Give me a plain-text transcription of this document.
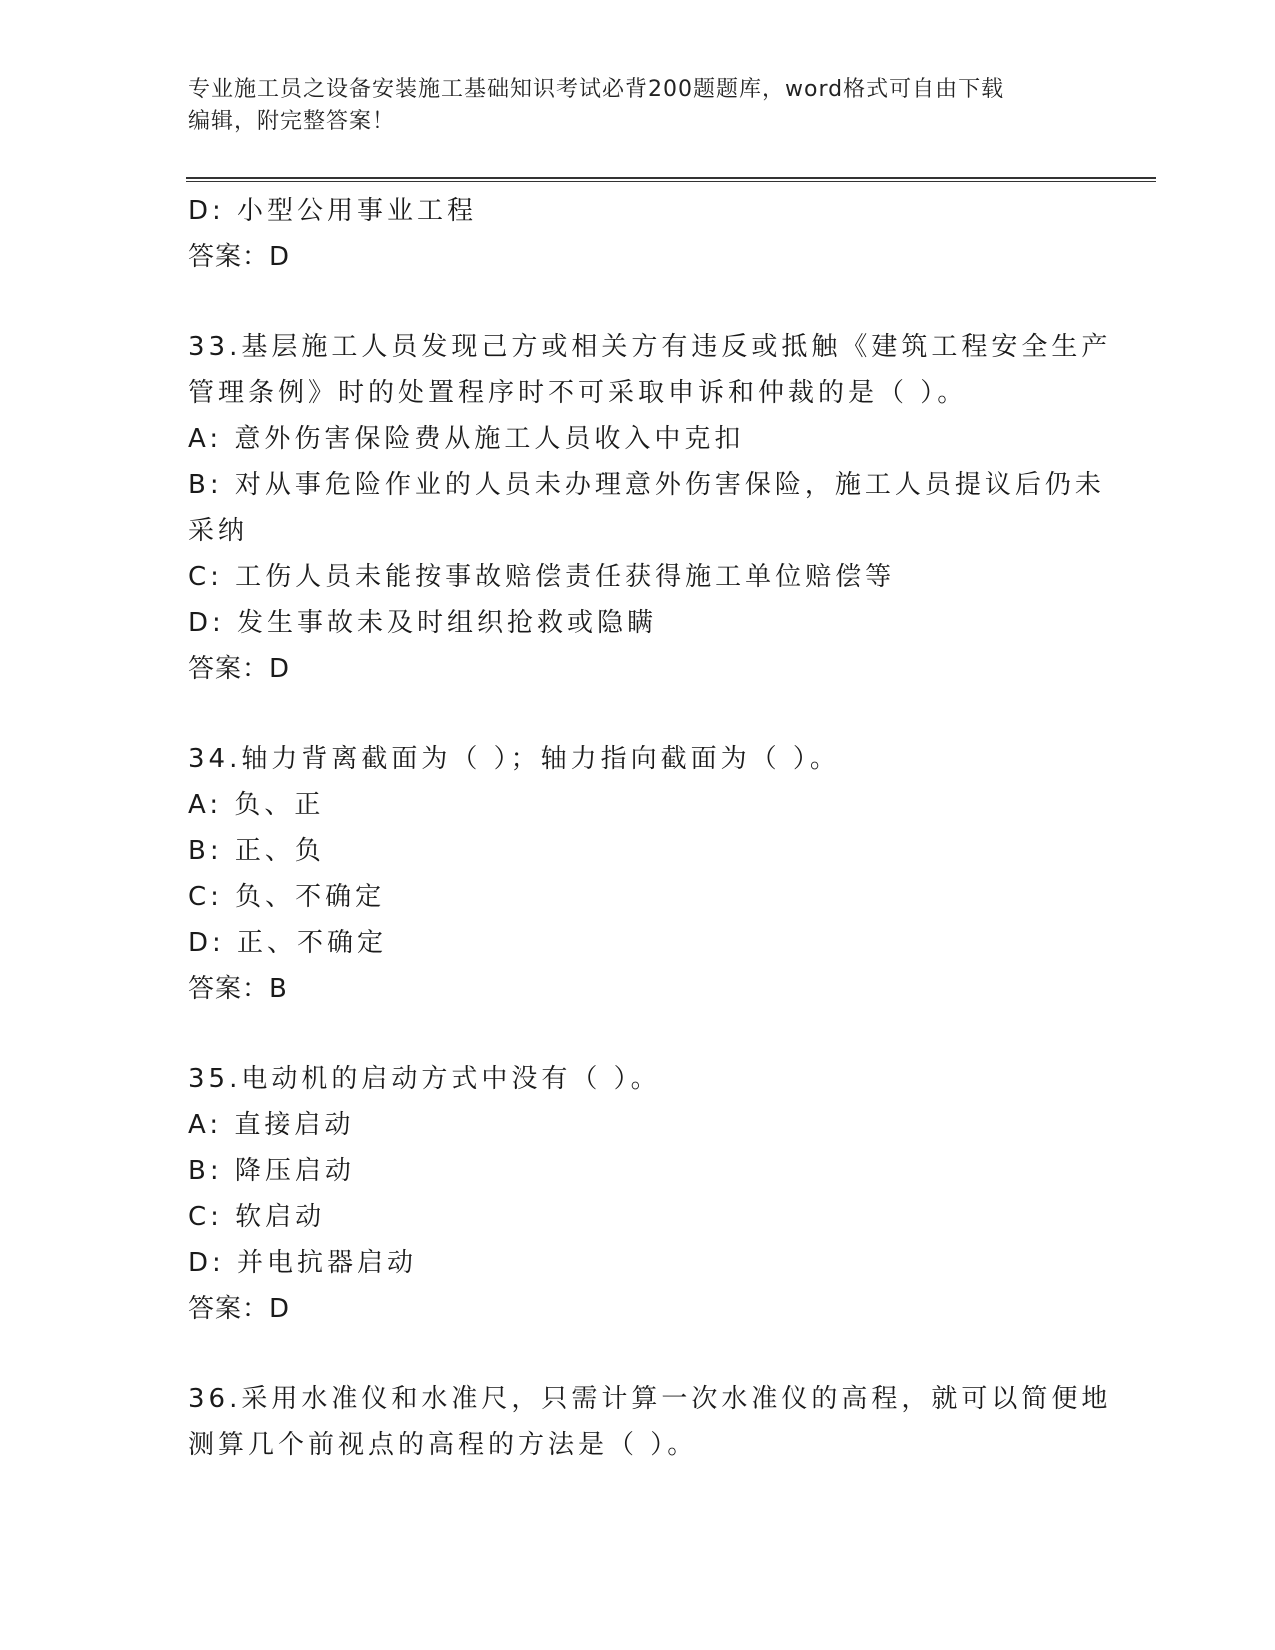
专业施工员之设备安装施工基础知识考试必背200题题库，word格式可自由下载
编辑，附完整答案！
D: 小型公用事业工程
答案：D
33.基层施工人员发现己方或相关方有违反或抵触《建筑工程安全生产
管理条例》时的处置程序时不可采取申诉和仲裁的是（ ）。
A: 意外伤害保险费从施工人员收入中克扣
B: 对从事危险作业的人员未办理意外伤害保险，施工人员提议后仍未
采纳
C: 工伤人员未能按事故赔偿责任获得施工单位赔偿等
D: 发生事故未及时组织抢救或隐瞒
答案：D
34.轴力背离截面为（ ）；轴力指向截面为（ ）。
A: 负、正
B: 正、负
C: 负、不确定
D: 正、不确定
答案：B
35.电动机的启动方式中没有（ ）。
A: 直接启动
B: 降压启动
C: 软启动
D: 并电抗器启动
答案：D
36.采用水准仪和水准尺，只需计算一次水准仪的高程，就可以简便地
测算几个前视点的高程的方法是（ ）。
